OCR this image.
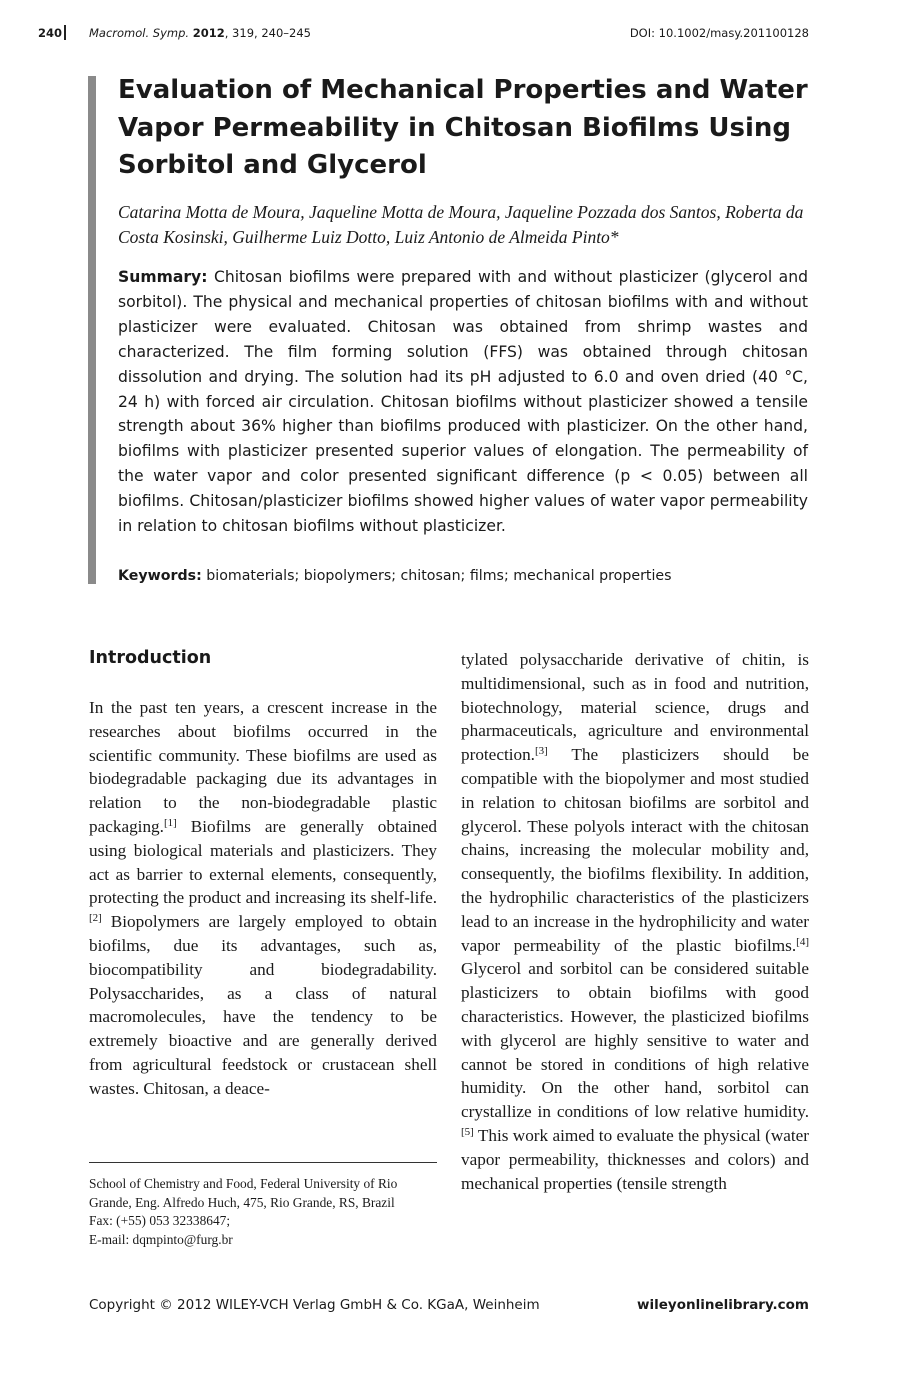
240 Macromol. Symp. 2012, 319, 240–245	DOI: 10.1002/masy.201100128
Evaluation of Mechanical Properties and Water Vapor Permeability in Chitosan Biofilms Using Sorbitol and Glycerol

Catarina Motta de Moura, Jaqueline Motta de Moura, Jaqueline Pozzada dos Santos, Roberta da Costa Kosinski, Guilherme Luiz Dotto, Luiz Antonio de Almeida Pinto*

Summary: Chitosan biofilms were prepared with and without plasticizer (glycerol and sorbitol). The physical and mechanical properties of chitosan biofilms with and without plasticizer were evaluated. Chitosan was obtained from shrimp wastes and characterized. The film forming solution (FFS) was obtained through chitosan dissolution and drying. The solution had its pH adjusted to 6.0 and oven dried (40 °C, 24 h) with forced air circulation. Chitosan biofilms without plasticizer showed a tensile strength about 36% higher than biofilms produced with plasticizer. On the other hand, biofilms with plasticizer presented superior values of elongation. The permeability of the water vapor and color presented significant difference (p < 0.05) between all biofilms. Chitosan/plasticizer biofilms showed higher values of water vapor permeability in relation to chitosan biofilms without plasticizer.

Keywords: biomaterials; biopolymers; chitosan; films; mechanical properties

Introduction

In the past ten years, a crescent increase in the researches about biofilms occurred in the scientific community. These biofilms are used as biodegradable packaging due its advantages in relation to the non-biodegradable plastic packaging.[1] Biofilms are generally obtained using biological materials and plasticizers. They act as barrier to external elements, consequently, protecting the product and increasing its shelf-life.[2] Biopolymers are largely employed to obtain biofilms, due its advantages, such as, biocompatibility and biodegradability. Polysaccharides, as a class of natural macromolecules, have the tendency to be extremely bioactive and are generally derived from agricultural feedstock or crustacean shell wastes. Chitosan, a deace-

tylated polysaccharide derivative of chitin, is multidimensional, such as in food and nutrition, biotechnology, material science, drugs and pharmaceuticals, agriculture and environmental protection.[3] The plasticizers should be compatible with the biopolymer and most studied in relation to chitosan biofilms are sorbitol and glycerol. These polyols interact with the chitosan chains, increasing the molecular mobility and, consequently, the biofilms flexibility. In addition, the hydrophilic characteristics of the plasticizers lead to an increase in the hydrophilicity and water vapor permeability of the plastic biofilms.[4] Glycerol and sorbitol can be considered suitable plasticizers to obtain biofilms with good characteristics. However, the plasticized biofilms with glycerol are highly sensitive to water and cannot be stored in conditions of high relative humidity. On the other hand, sorbitol can crystallize in conditions of low relative humidity.[5] This work aimed to evaluate the physical (water vapor permeability, thicknesses and colors) and mechanical properties (tensile strength

School of Chemistry and Food, Federal University of Rio Grande, Eng. Alfredo Huch, 475, Rio Grande, RS, Brazil
Fax: (+55) 053 32338647;
E-mail: dqmpinto@furg.br

Copyright © 2012 WILEY-VCH Verlag GmbH & Co. KGaA, Weinheim	wileyonlinelibrary.com
